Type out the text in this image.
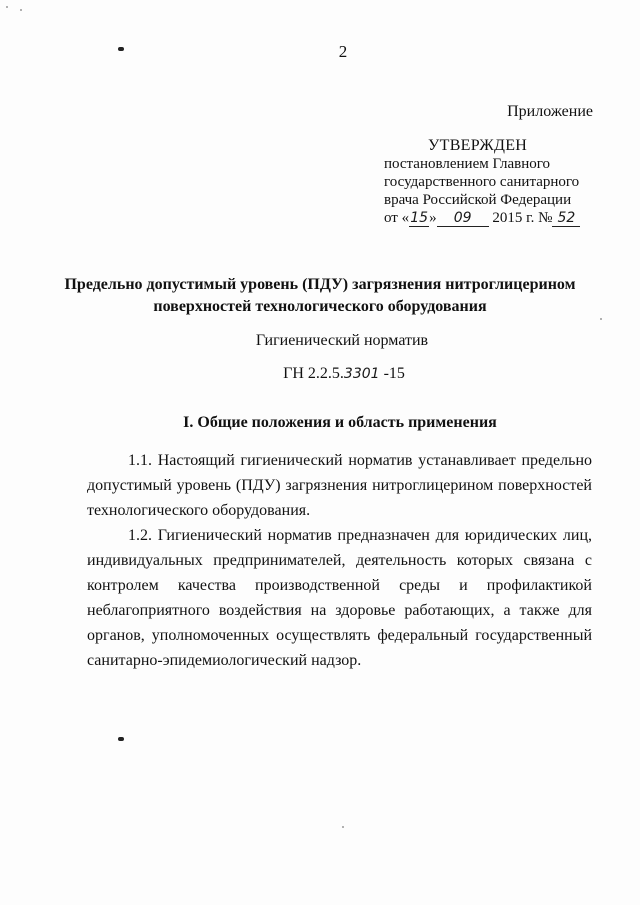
2
Приложение
УТВЕРЖДЕН
постановлением Главного
государственного санитарного
врача Российской Федерации
от «15» 09 2015 г. № 52
Предельно допустимый уровень (ПДУ) загрязнения нитроглицерином поверхностей технологического оборудования
Гигиенический норматив
ГН 2.2.5.3301 -15
I. Общие положения и область применения
1.1. Настоящий гигиенический норматив устанавливает предельно допустимый уровень (ПДУ) загрязнения нитроглицерином поверхностей технологического оборудования.
1.2. Гигиенический норматив предназначен для юридических лиц, индивидуальных предпринимателей, деятельность которых связана с контролем качества производственной среды и профилактикой неблагоприятного воздействия на здоровье работающих, а также для органов, уполномоченных осуществлять федеральный государственный санитарно-эпидемиологический надзор.
